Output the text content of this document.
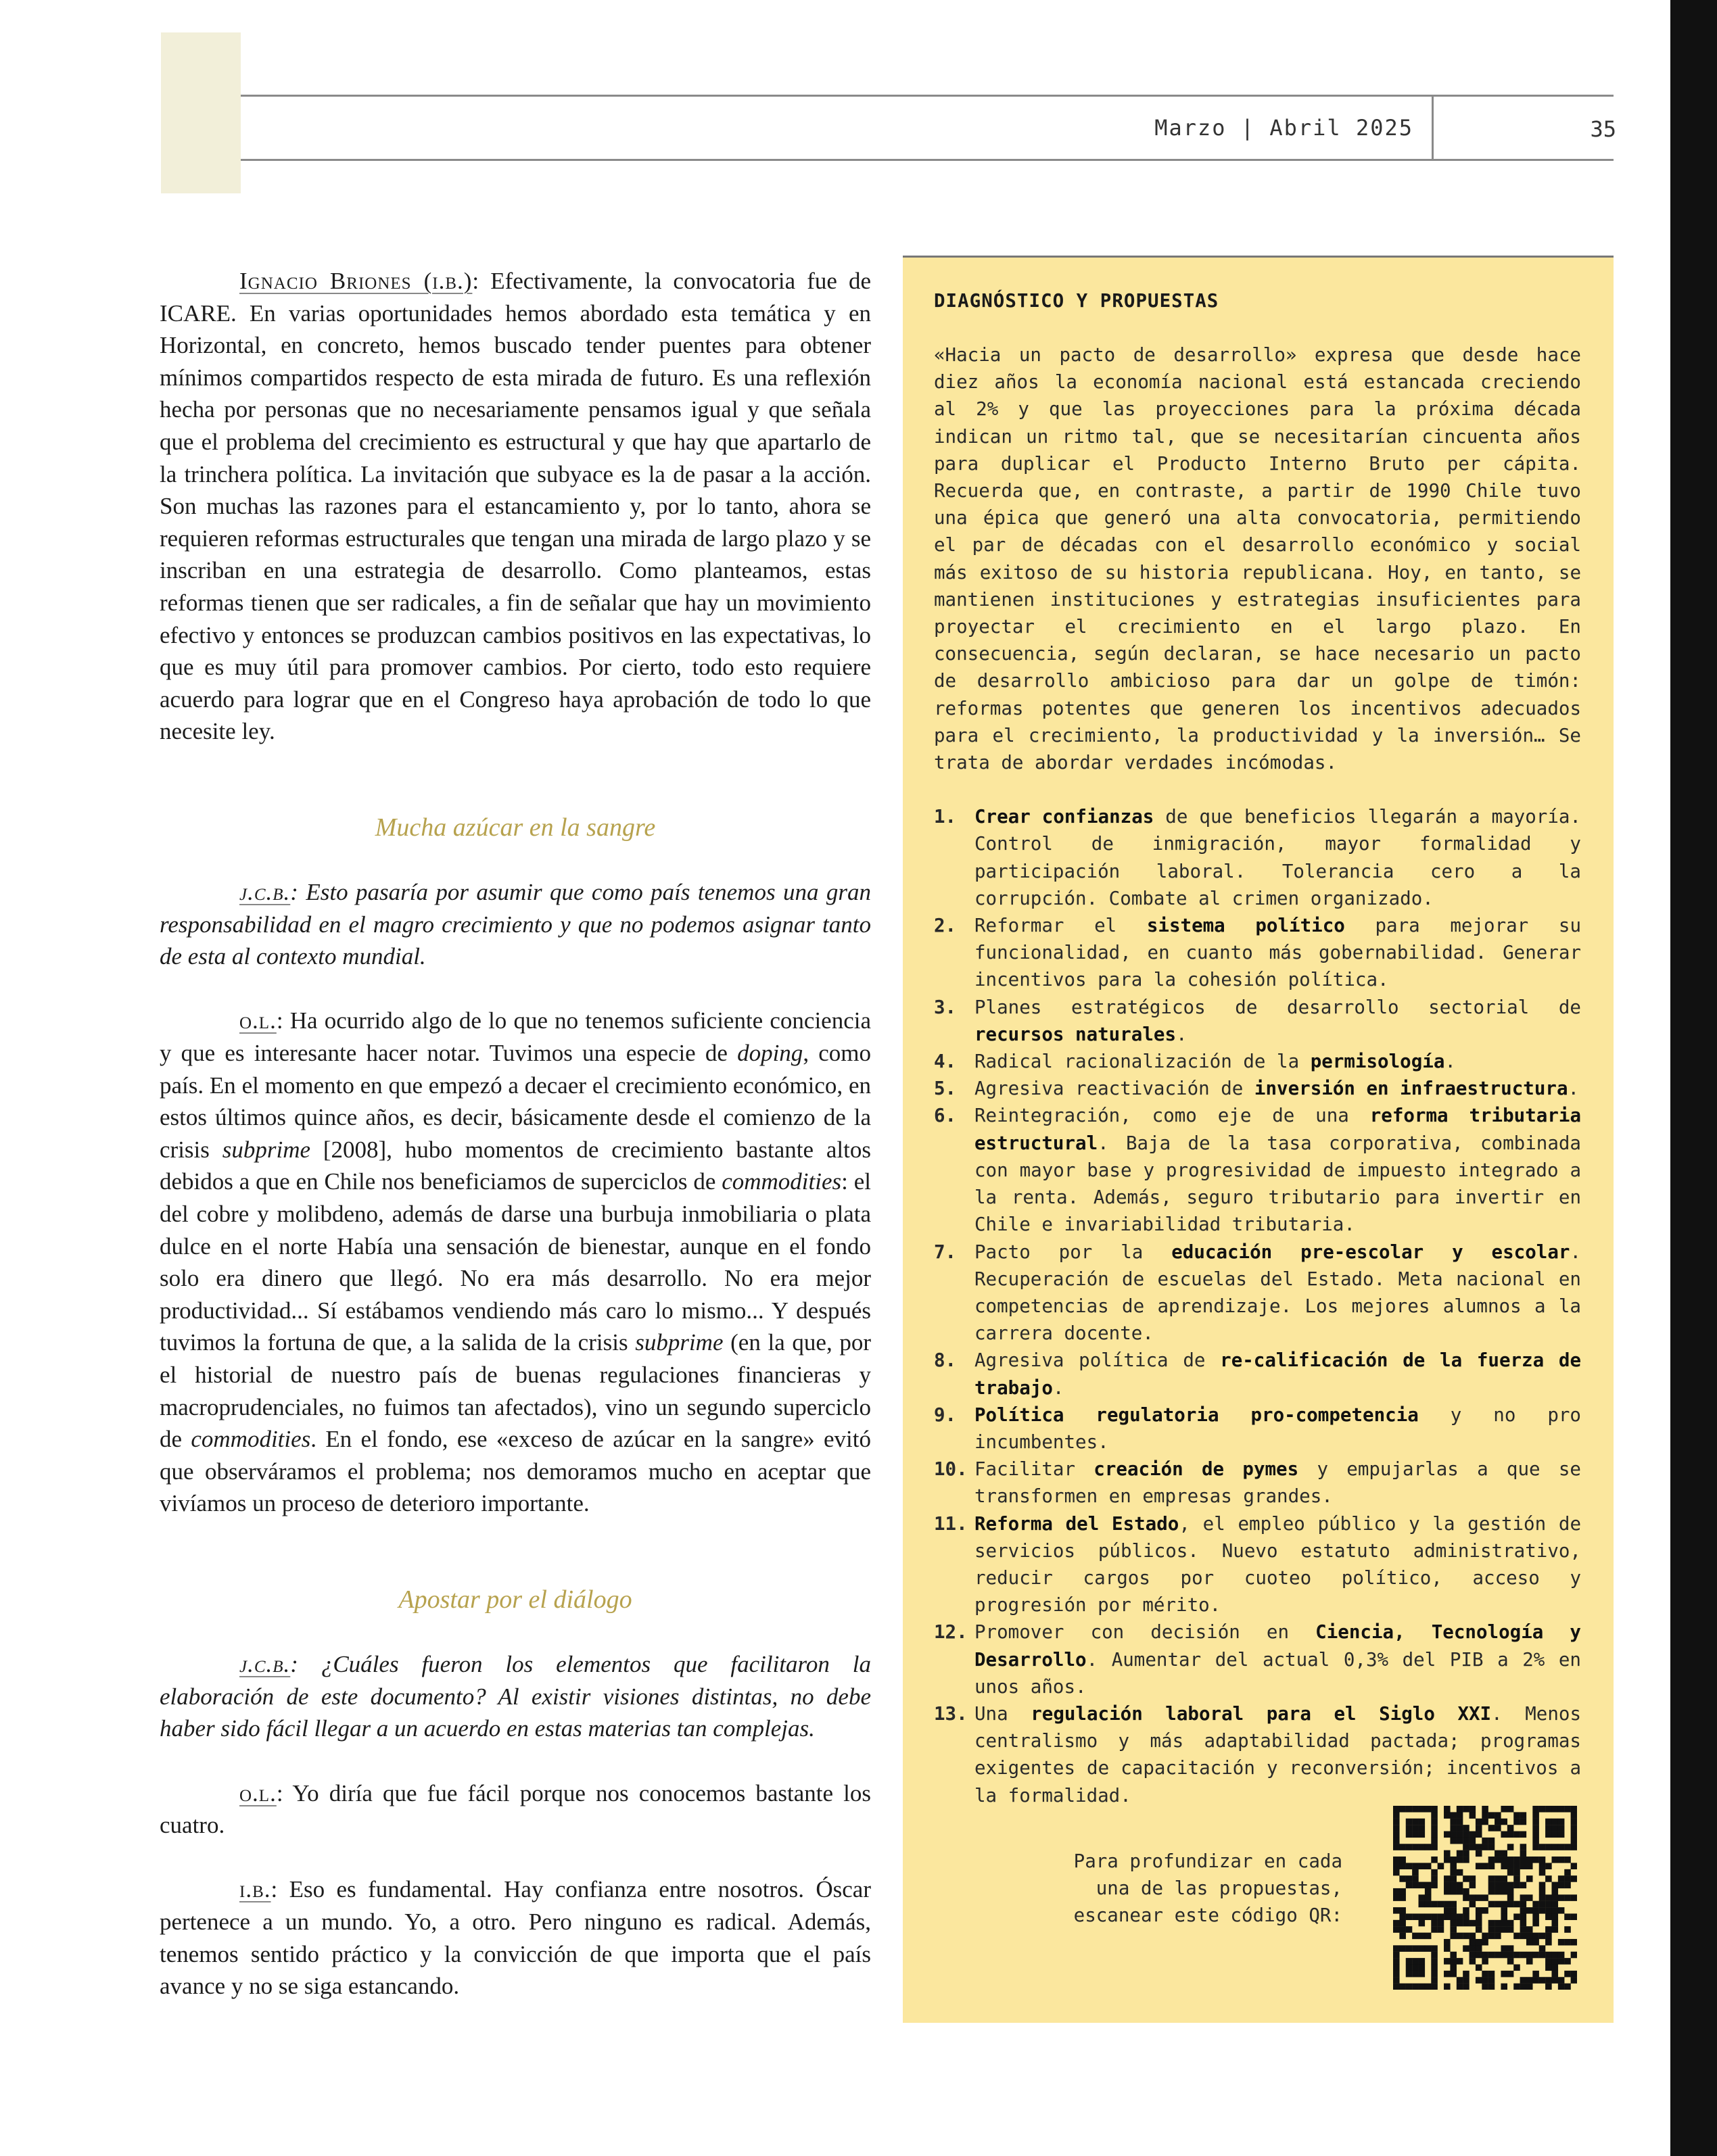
Marzo | Abril 2025	35

Ignacio Briones (i.b.): Efectivamente, la convocatoria fue de ICARE. En varias oportunidades hemos abordado esta temática y en Horizontal, en concreto, hemos buscado tender puentes para obtener mínimos compartidos respecto de esta mirada de futuro. Es una reflexión hecha por personas que no necesariamente pensamos igual y que señala que el problema del crecimiento es estructural y que hay que apartarlo de la trinchera política. La invitación que subyace es la de pasar a la acción. Son muchas las razones para el estancamiento y, por lo tanto, ahora se requieren reformas estructurales que tengan una mirada de largo plazo y se inscriban en una estrategia de desarrollo. Como planteamos, estas reformas tienen que ser radicales, a fin de señalar que hay un movimiento efectivo y entonces se produzcan cambios positivos en las expectativas, lo que es muy útil para promover cambios. Por cierto, todo esto requiere acuerdo para lograr que en el Congreso haya aprobación de todo lo que necesite ley.

Mucha azúcar en la sangre

j.c.b.: Esto pasaría por asumir que como país tenemos una gran responsabilidad en el magro crecimiento y que no podemos asignar tanto de esta al contexto mundial.

o.l.: Ha ocurrido algo de lo que no tenemos suficiente conciencia y que es interesante hacer notar. Tuvimos una especie de doping, como país. En el momento en que empezó a decaer el crecimiento económico, en estos últimos quince años, es decir, básicamente desde el comienzo de la crisis subprime [2008], hubo momentos de crecimiento bastante altos debidos a que en Chile nos beneficiamos de superciclos de commodities: el del cobre y molibdeno, además de darse una burbuja inmobiliaria o plata dulce en el norte Había una sensación de bienestar, aunque en el fondo solo era dinero que llegó. No era más desarrollo. No era mejor productividad... Sí estábamos vendiendo más caro lo mismo... Y después tuvimos la fortuna de que, a la salida de la crisis subprime (en la que, por el historial de nuestro país de buenas regulaciones financieras y macroprudenciales, no fuimos tan afectados), vino un segundo superciclo de commodities. En el fondo, ese «exceso de azúcar en la sangre» evitó que observáramos el problema; nos demoramos mucho en aceptar que vivíamos un proceso de deterioro importante.

Apostar por el diálogo

j.c.b.: ¿Cuáles fueron los elementos que facilitaron la elaboración de este documento? Al existir visiones distintas, no debe haber sido fácil llegar a un acuerdo en estas materias tan complejas.

o.l.: Yo diría que fue fácil porque nos conocemos bastante los cuatro.

i.b.: Eso es fundamental. Hay confianza entre nosotros. Óscar pertenece a un mundo. Yo, a otro. Pero ninguno es radical. Además, tenemos sentido práctico y la convicción de que importa que el país avance y no se siga estancando.

DIAGNÓSTICO Y PROPUESTAS

«Hacia un pacto de desarrollo» expresa que desde hace diez años la economía nacional está estancada creciendo al 2% y que las proyecciones para la próxima década indican un ritmo tal, que se necesitarían cincuenta años para duplicar el Producto Interno Bruto per cápita. Recuerda que, en contraste, a partir de 1990 Chile tuvo una épica que generó una alta convocatoria, permitiendo el par de décadas con el desarrollo económico y social más exitoso de su historia republicana. Hoy, en tanto, se mantienen instituciones y estrategias insuficientes para proyectar el crecimiento en el largo plazo. En consecuencia, según declaran, se hace necesario un pacto de desarrollo ambicioso para dar un golpe de timón: reformas potentes que generen los incentivos adecuados para el crecimiento, la productividad y la inversión… Se trata de abordar verdades incómodas.

1. Crear confianzas de que beneficios llegarán a mayoría. Control de inmigración, mayor formalidad y participación laboral. Tolerancia cero a la corrupción. Combate al crimen organizado.
2. Reformar el sistema político para mejorar su funcionalidad, en cuanto más gobernabilidad. Generar incentivos para la cohesión política.
3. Planes estratégicos de desarrollo sectorial de recursos naturales.
4. Radical racionalización de la permisología.
5. Agresiva reactivación de inversión en infraestructura.
6. Reintegración, como eje de una reforma tributaria estructural. Baja de la tasa corporativa, combinada con mayor base y progresividad de impuesto integrado a la renta. Además, seguro tributario para invertir en Chile e invariabilidad tributaria.
7. Pacto por la educación pre-escolar y escolar. Recuperación de escuelas del Estado. Meta nacional en competencias de aprendizaje. Los mejores alumnos a la carrera docente.
8. Agresiva política de re-calificación de la fuerza de trabajo.
9. Política regulatoria pro-competencia y no pro incumbentes.
10. Facilitar creación de pymes y empujarlas a que se transformen en empresas grandes.
11. Reforma del Estado, el empleo público y la gestión de servicios públicos. Nuevo estatuto administrativo, reducir cargos por cuoteo político, acceso y progresión por mérito.
12. Promover con decisión en Ciencia, Tecnología y Desarrollo. Aumentar del actual 0,3% del PIB a 2% en unos años.
13. Una regulación laboral para el Siglo XXI. Menos centralismo y más adaptabilidad pactada; programas exigentes de capacitación y reconversión; incentivos a la formalidad.
Para profundizar en cada una de las propuestas, escanear este código QR:
